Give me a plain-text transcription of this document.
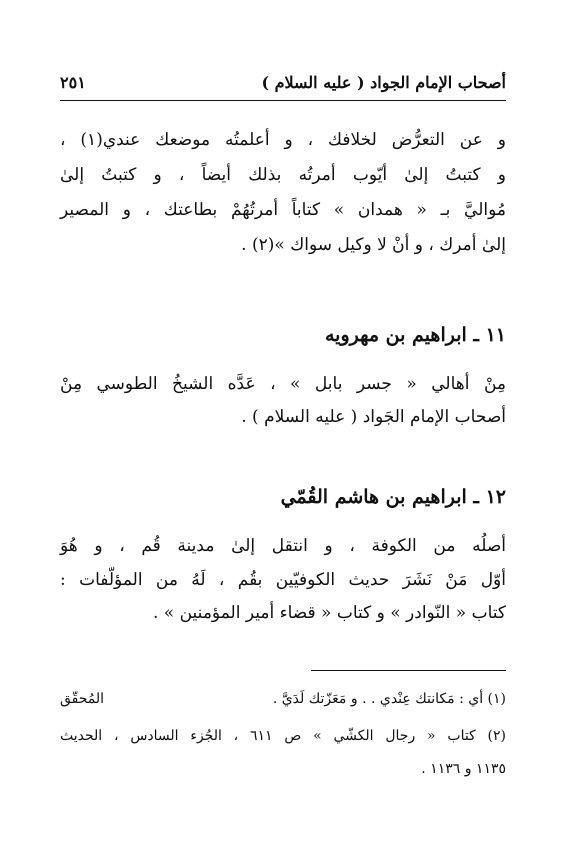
أصحاب الإمام الجواد ( عليه السلام )
٢٥١

و عن التعرُّض لخلافك ، و أعلمتُه موضعك عندي(١) ،

و كتبتُ إلىٰ أيّوب أمرتُه بذلك أيضاً ، و كتبتُ إلىٰ

مُواليَّ بـ « همدان » كتاباً أمرتُهُمْ بطاعتك ، و المصير

إلىٰ أمرك ، و أنْ لا وكيل سواك »(٢) .

١١ ـ ابراهيم بن مهرويه

مِنْ أهالي « جسر بابل » ، عَدَّه الشيخُ الطوسي مِنْ

أصحاب الإمام الجَواد ( عليه السلام ) .

١٢ ـ ابراهيم بن هاشم القُمّي

أصلُه من الكوفة ، و انتقل إلىٰ مدينة قُم ، و هُوَ

أوّل مَنْ نَشَرَ حديث الكوفيّين بقُم ، لَهُ من المؤلّفات :

كتاب « النّوادر » و كتاب « قضاء أمير المؤمنين » .

(١) أي : مَكانتك عِنْدي . . و مَعَزّتك لَدَيَّ .
المُحقّق

(٢) كتاب « رجال الكشّي » ص ٦١١ ، الجُزء السادس ، الحديث

١١٣٥ و ١١٣٦ .
